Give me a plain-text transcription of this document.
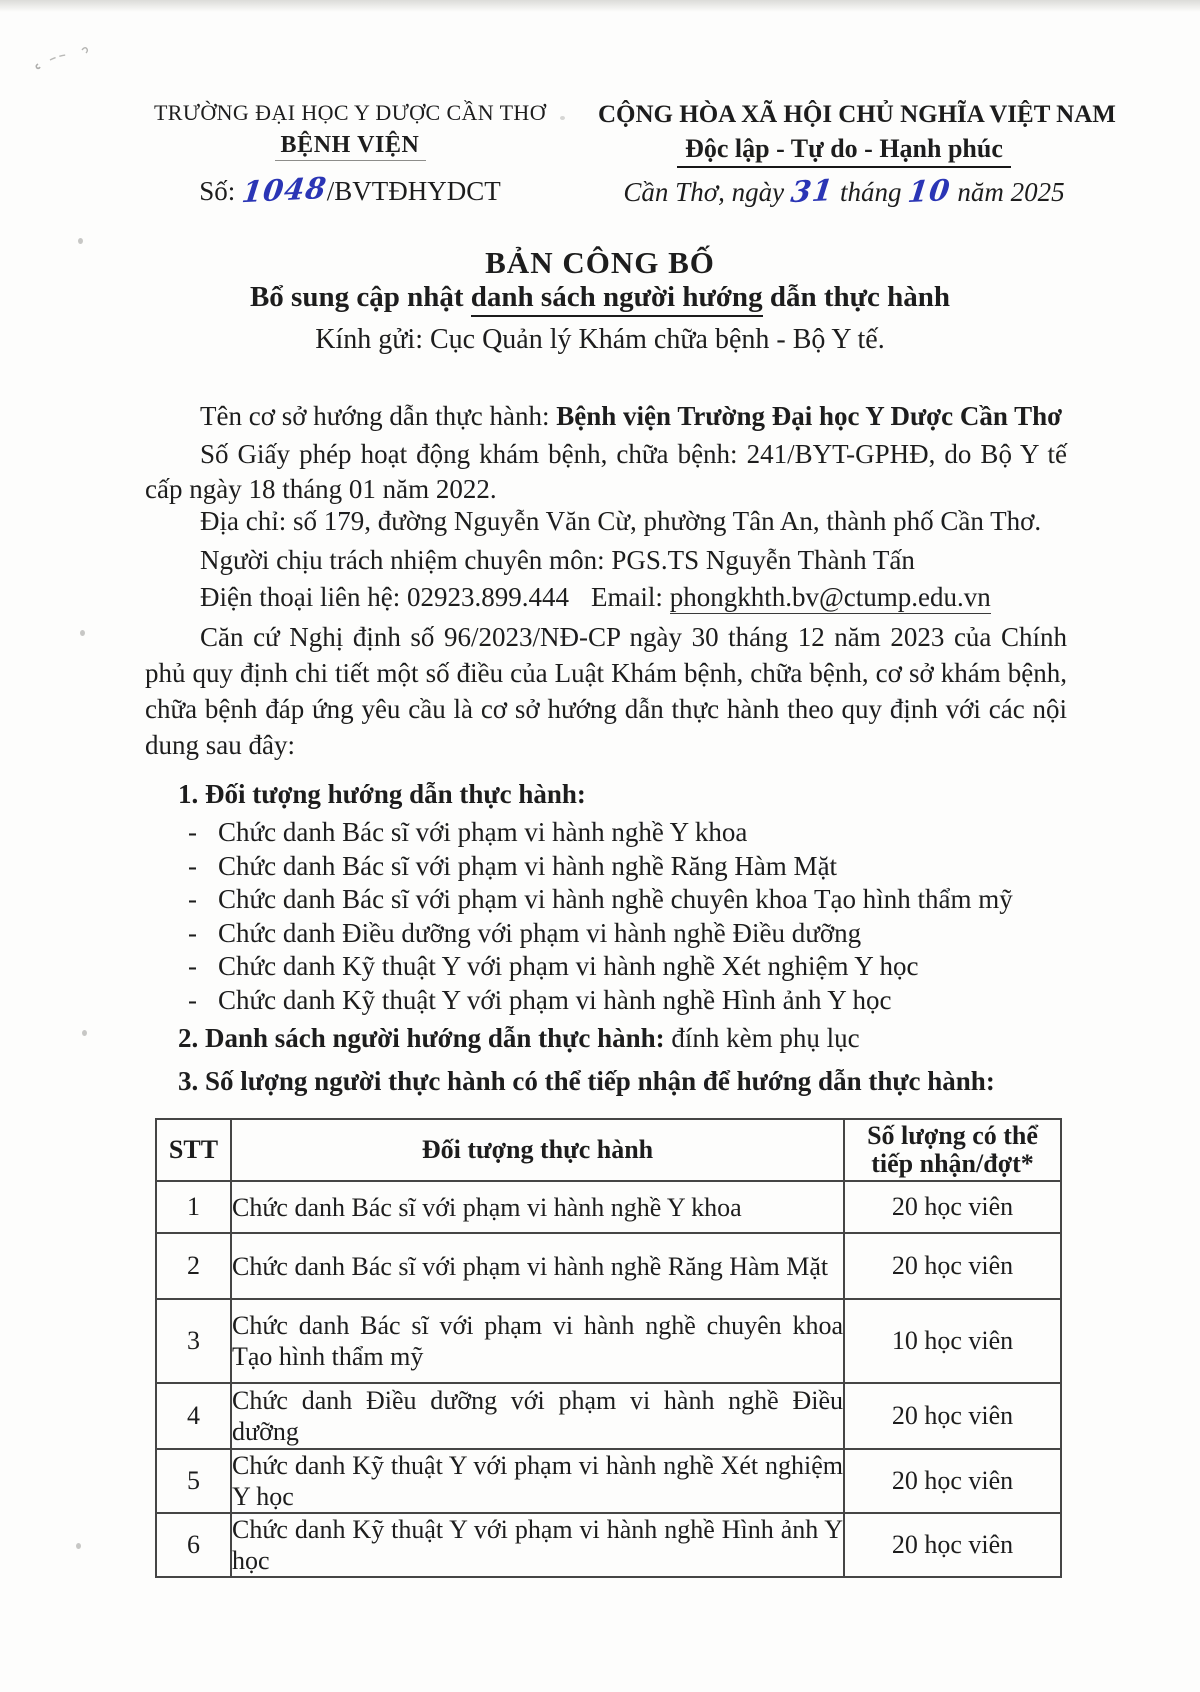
TRƯỜNG ĐẠI HỌC Y DƯỢC CẦN THƠ
BỆNH VIỆN
Số: 1048/BVTĐHYDCT
CỘNG HÒA XÃ HỘI CHỦ NGHĨA VIỆT NAM
Độc lập - Tự do - Hạnh phúc
Cần Thơ, ngày 31 tháng 10 năm 2025
BẢN CÔNG BỐ
Bổ sung cập nhật danh sách người hướng dẫn thực hành
Kính gửi: Cục Quản lý Khám chữa bệnh - Bộ Y tế.
Tên cơ sở hướng dẫn thực hành: Bệnh viện Trường Đại học Y Dược Cần Thơ
Số Giấy phép hoạt động khám bệnh, chữa bệnh: 241/BYT-GPHĐ, do Bộ Y tế cấp ngày 18 tháng 01 năm 2022.
Địa chỉ: số 179, đường Nguyễn Văn Cừ, phường Tân An, thành phố Cần Thơ.
Người chịu trách nhiệm chuyên môn: PGS.TS Nguyễn Thành Tấn
Điện thoại liên hệ: 02923.899.444 Email: phongkhth.bv@ctump.edu.vn
Căn cứ Nghị định số 96/2023/NĐ-CP ngày 30 tháng 12 năm 2023 của Chính phủ quy định chi tiết một số điều của Luật Khám bệnh, chữa bệnh, cơ sở khám bệnh, chữa bệnh đáp ứng yêu cầu là cơ sở hướng dẫn thực hành theo quy định với các nội dung sau đây:
1. Đối tượng hướng dẫn thực hành:
- Chức danh Bác sĩ với phạm vi hành nghề Y khoa
- Chức danh Bác sĩ với phạm vi hành nghề Răng Hàm Mặt
- Chức danh Bác sĩ với phạm vi hành nghề chuyên khoa Tạo hình thẩm mỹ
- Chức danh Điều dưỡng với phạm vi hành nghề Điều dưỡng
- Chức danh Kỹ thuật Y với phạm vi hành nghề Xét nghiệm Y học
- Chức danh Kỹ thuật Y với phạm vi hành nghề Hình ảnh Y học
2. Danh sách người hướng dẫn thực hành: đính kèm phụ lục
3. Số lượng người thực hành có thể tiếp nhận để hướng dẫn thực hành:
STT	Đối tượng thực hành	Số lượng có thể tiếp nhận/đợt*
1	Chức danh Bác sĩ với phạm vi hành nghề Y khoa	20 học viên
2	Chức danh Bác sĩ với phạm vi hành nghề Răng Hàm Mặt	20 học viên
3	Chức danh Bác sĩ với phạm vi hành nghề chuyên khoa Tạo hình thẩm mỹ	10 học viên
4	Chức danh Điều dưỡng với phạm vi hành nghề Điều dưỡng	20 học viên
5	Chức danh Kỹ thuật Y với phạm vi hành nghề Xét nghiệm Y học	20 học viên
6	Chức danh Kỹ thuật Y với phạm vi hành nghề Hình ảnh Y học	20 học viên
